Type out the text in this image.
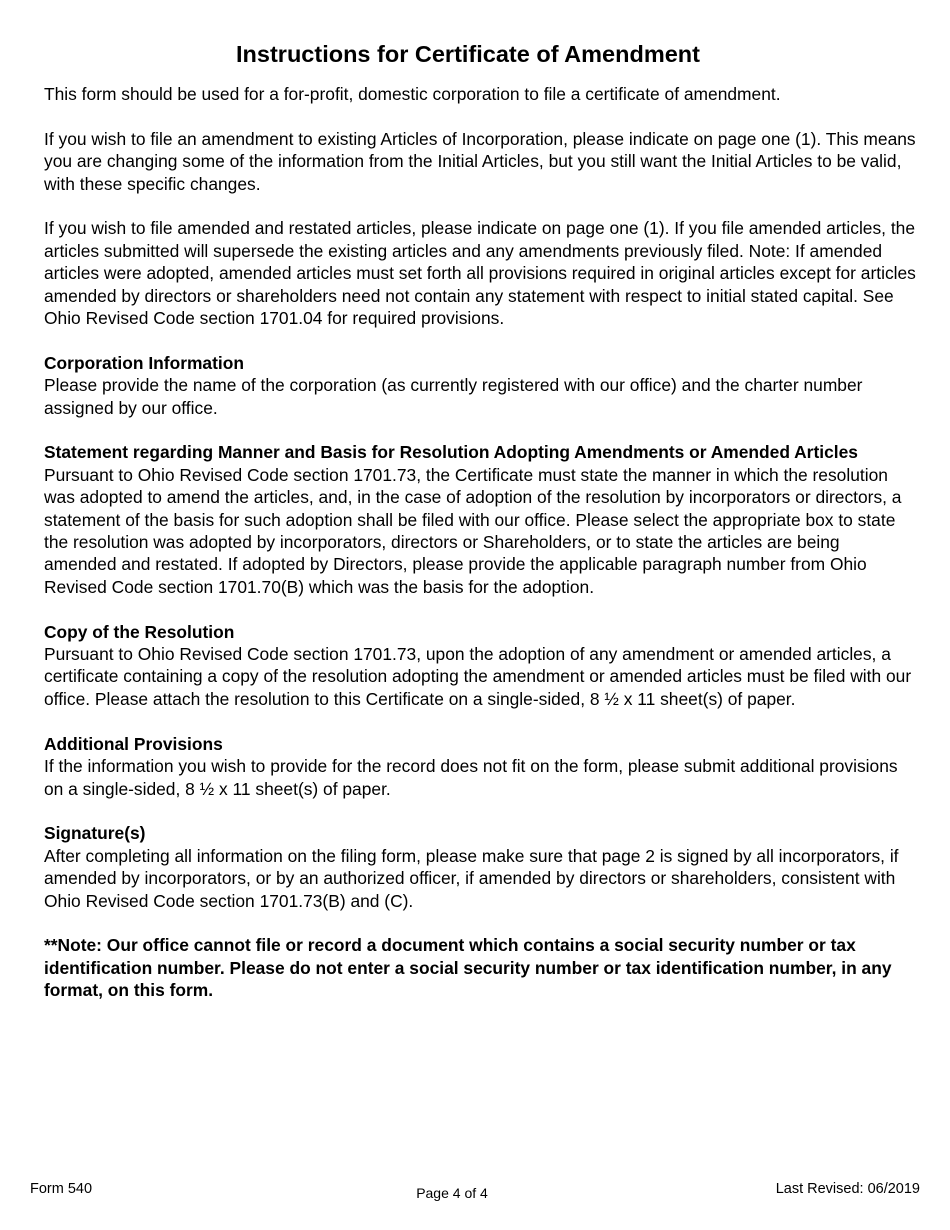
Instructions for Certificate of Amendment

This form should be used for a for-profit, domestic corporation to file a certificate of amendment.

If you wish to file an amendment to existing Articles of Incorporation, please indicate on page one (1). This means you are changing some of the information from the Initial Articles, but you still want the Initial Articles to be valid, with these specific changes.

If you wish to file amended and restated articles, please indicate on page one (1). If you file amended articles, the articles submitted will supersede the existing articles and any amendments previously filed. Note: If amended articles were adopted, amended articles must set forth all provisions required in original articles except for articles amended by directors or shareholders need not contain any statement with respect to initial stated capital. See Ohio Revised Code section 1701.04 for required provisions.

Corporation Information

Please provide the name of the corporation (as currently registered with our office) and the charter number assigned by our office.

Statement regarding Manner and Basis for Resolution Adopting Amendments or Amended Articles

Pursuant to Ohio Revised Code section 1701.73, the Certificate must state the manner in which the resolution was adopted to amend the articles, and, in the case of adoption of the resolution by incorporators or directors, a statement of the basis for such adoption shall be filed with our office. Please select the appropriate box to state the resolution was adopted by incorporators, directors or Shareholders, or to state the articles are being amended and restated. If adopted by Directors, please provide the applicable paragraph number from Ohio Revised Code section 1701.70(B) which was the basis for the adoption.

Copy of the Resolution

Pursuant to Ohio Revised Code section 1701.73, upon the adoption of any amendment or amended articles, a certificate containing a copy of the resolution adopting the amendment or amended articles must be filed with our office. Please attach the resolution to this Certificate on a single-sided, 8 ½ x 11 sheet(s) of paper.

Additional Provisions

If the information you wish to provide for the record does not fit on the form, please submit additional provisions on a single-sided, 8 ½ x 11 sheet(s) of paper.

Signature(s)

After completing all information on the filing form, please make sure that page 2 is signed by all incorporators, if amended by incorporators, or by an authorized officer, if amended by directors or shareholders, consistent with Ohio Revised Code section 1701.73(B) and (C).

**Note: Our office cannot file or record a document which contains a social security number or tax identification number. Please do not enter a social security number or tax identification number, in any format, on this form.

Form 540	Page 4 of 4	Last Revised: 06/2019
